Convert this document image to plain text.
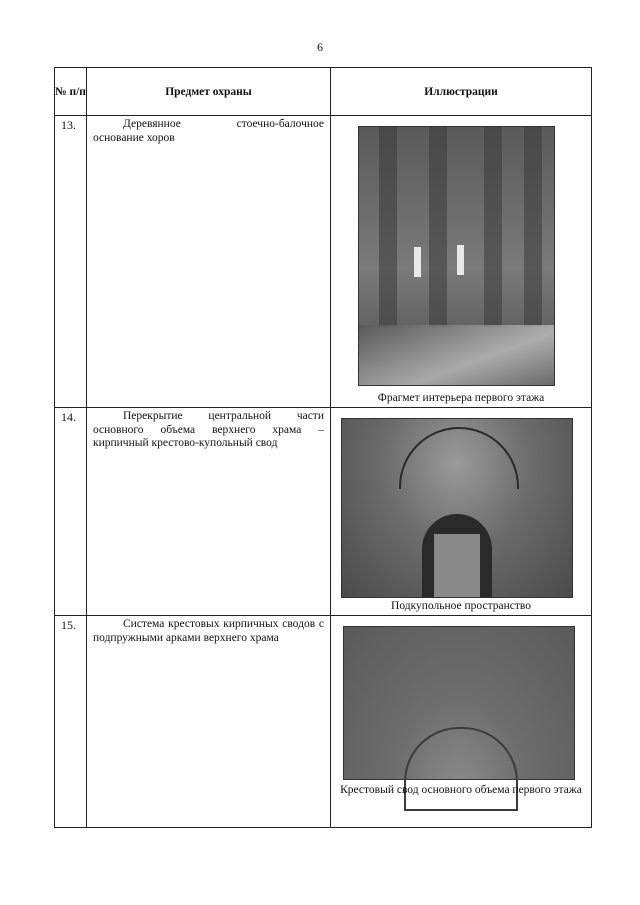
6
№ п/п	Предмет охраны	Иллюстрации
13.	Деревянное стоечно-балочное основание хоров	Фрагмет интерьера первого этажа

14.	Перекрытие центральной части основного объема верхнего храма – кирпичный крестово-купольный свод	Подкупольное пространство

15.	Система крестовых кирпичных сводов с подпружными арками верхнего храма	Крестовый свод основного объема первого этажа
